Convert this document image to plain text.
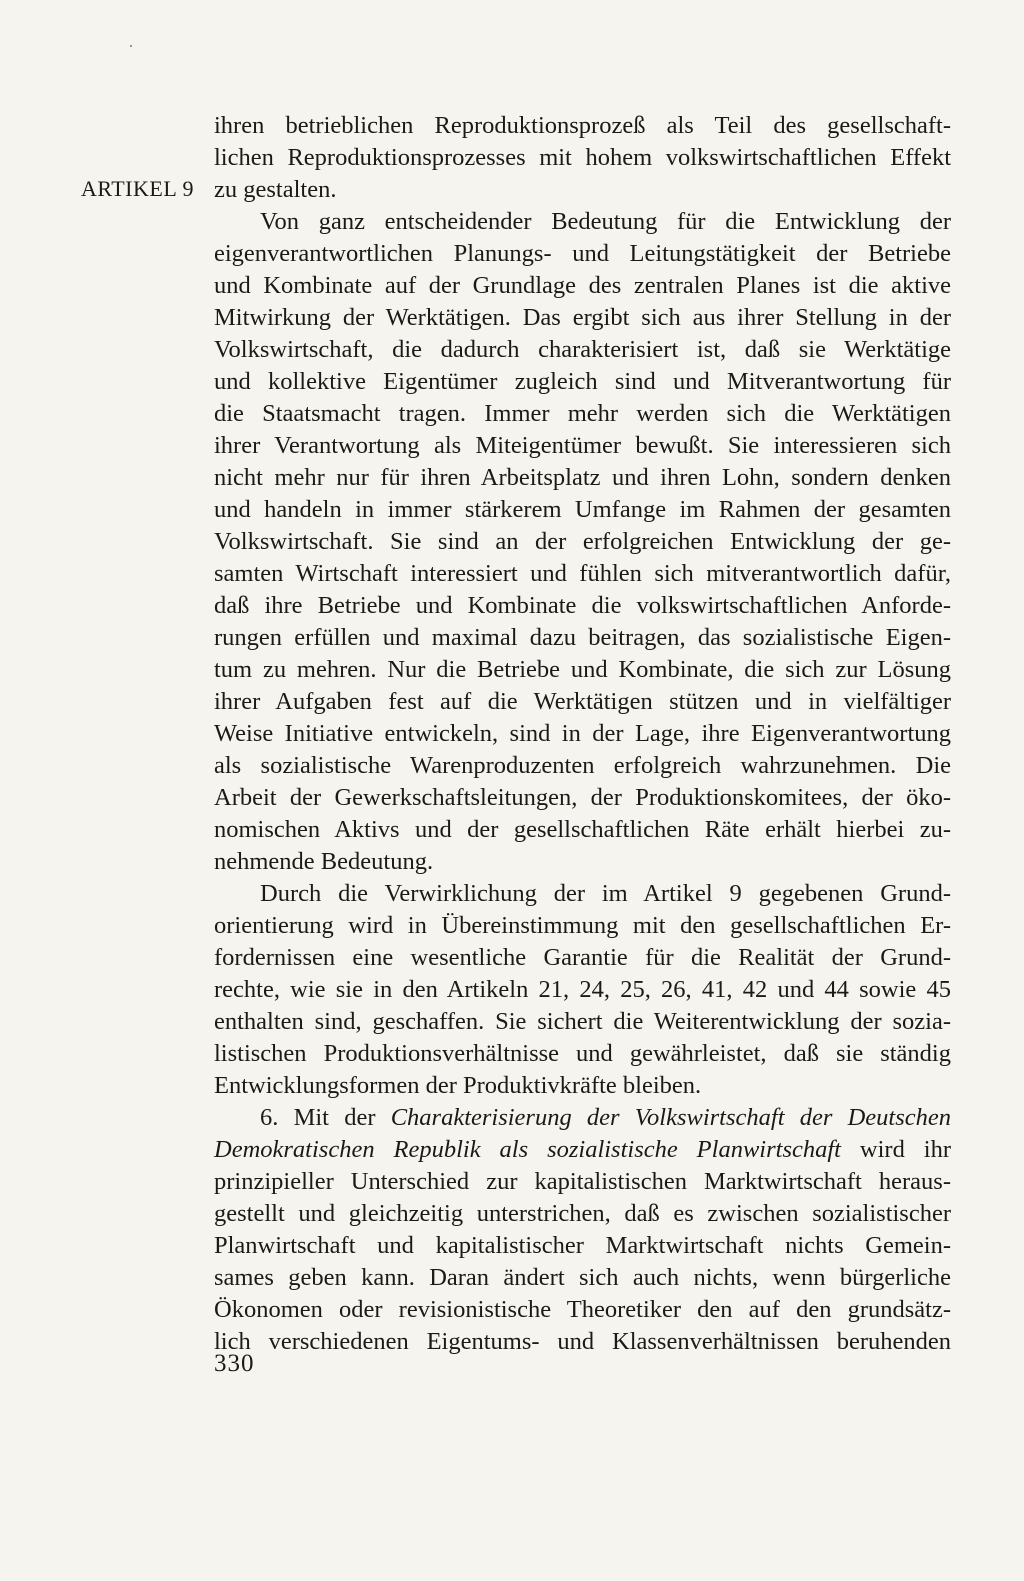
ARTIKEL 9
ihren betrieblichen Reproduktionsprozeß als Teil des gesellschaft-
lichen Reproduktionsprozesses mit hohem volkswirtschaftlichen Effekt
zu gestalten.
Von ganz entscheidender Bedeutung für die Entwicklung der
eigenverantwortlichen Planungs- und Leitungstätigkeit der Betriebe
und Kombinate auf der Grundlage des zentralen Planes ist die aktive
Mitwirkung der Werktätigen. Das ergibt sich aus ihrer Stellung in der
Volkswirtschaft, die dadurch charakterisiert ist, daß sie Werktätige
und kollektive Eigentümer zugleich sind und Mitverantwortung für
die Staatsmacht tragen. Immer mehr werden sich die Werktätigen
ihrer Verantwortung als Miteigentümer bewußt. Sie interessieren sich
nicht mehr nur für ihren Arbeitsplatz und ihren Lohn, sondern denken
und handeln in immer stärkerem Umfange im Rahmen der gesamten
Volkswirtschaft. Sie sind an der erfolgreichen Entwicklung der ge-
samten Wirtschaft interessiert und fühlen sich mitverantwortlich dafür,
daß ihre Betriebe und Kombinate die volkswirtschaftlichen Anforde-
rungen erfüllen und maximal dazu beitragen, das sozialistische Eigen-
tum zu mehren. Nur die Betriebe und Kombinate, die sich zur Lösung
ihrer Aufgaben fest auf die Werktätigen stützen und in vielfältiger
Weise Initiative entwickeln, sind in der Lage, ihre Eigenverantwortung
als sozialistische Warenproduzenten erfolgreich wahrzunehmen. Die
Arbeit der Gewerkschaftsleitungen, der Produktionskomitees, der öko-
nomischen Aktivs und der gesellschaftlichen Räte erhält hierbei zu-
nehmende Bedeutung.
Durch die Verwirklichung der im Artikel 9 gegebenen Grund-
orientierung wird in Übereinstimmung mit den gesellschaftlichen Er-
fordernissen eine wesentliche Garantie für die Realität der Grund-
rechte, wie sie in den Artikeln 21, 24, 25, 26, 41, 42 und 44 sowie 45
enthalten sind, geschaffen. Sie sichert die Weiterentwicklung der sozia-
listischen Produktionsverhältnisse und gewährleistet, daß sie ständig
Entwicklungsformen der Produktivkräfte bleiben.
6. Mit der Charakterisierung der Volkswirtschaft der Deutschen
Demokratischen Republik als sozialistische Planwirtschaft wird ihr
prinzipieller Unterschied zur kapitalistischen Marktwirtschaft heraus-
gestellt und gleichzeitig unterstrichen, daß es zwischen sozialistischer
Planwirtschaft und kapitalistischer Marktwirtschaft nichts Gemein-
sames geben kann. Daran ändert sich auch nichts, wenn bürgerliche
Ökonomen oder revisionistische Theoretiker den auf den grundsätz-
lich verschiedenen Eigentums- und Klassenverhältnissen beruhenden
330
